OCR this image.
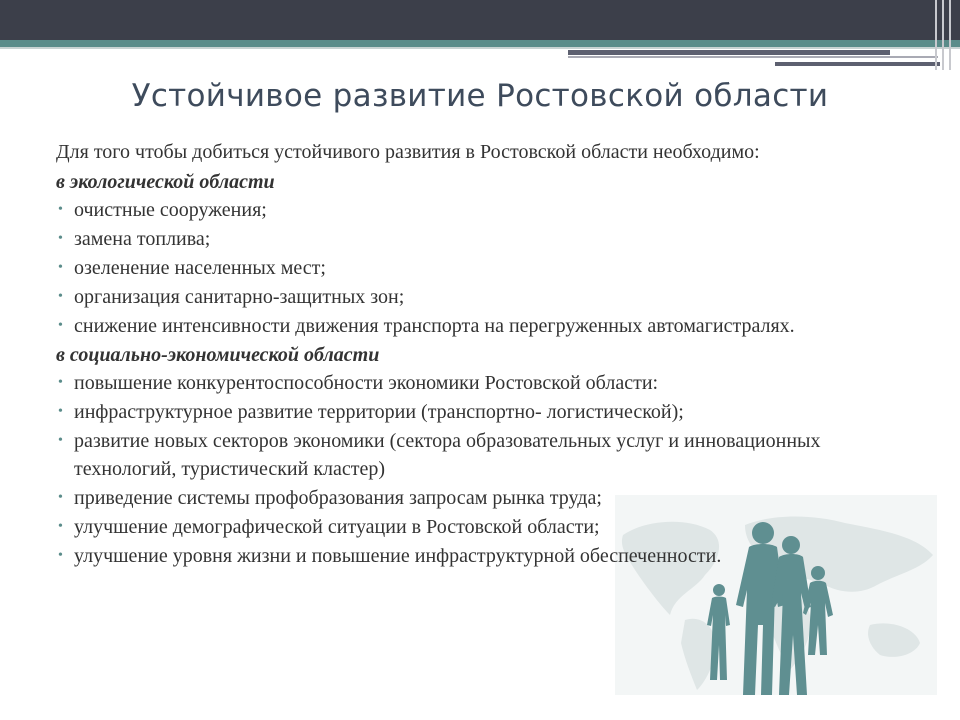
Устойчивое развитие Ростовской области

Для того чтобы добиться устойчивого развития в Ростовской области необходимо:

в экологической области

• очистные сооружения;
• замена топлива;
• озеленение населенных мест;
• организация санитарно-защитных зон;
• снижение интенсивности движения транспорта на перегруженных автомагистралях.

в социально-экономической области

• повышение конкурентоспособности экономики Ростовской области:
• инфраструктурное развитие территории (транспортно- логистической);
• развитие новых секторов экономики (сектора образовательных услуг и инновационных технологий, туристический кластер)
• приведение системы профобразования запросам рынка труда;
• улучшение демографической ситуации в Ростовской области;
• улучшение уровня жизни и повышение инфраструктурной обеспеченности.
